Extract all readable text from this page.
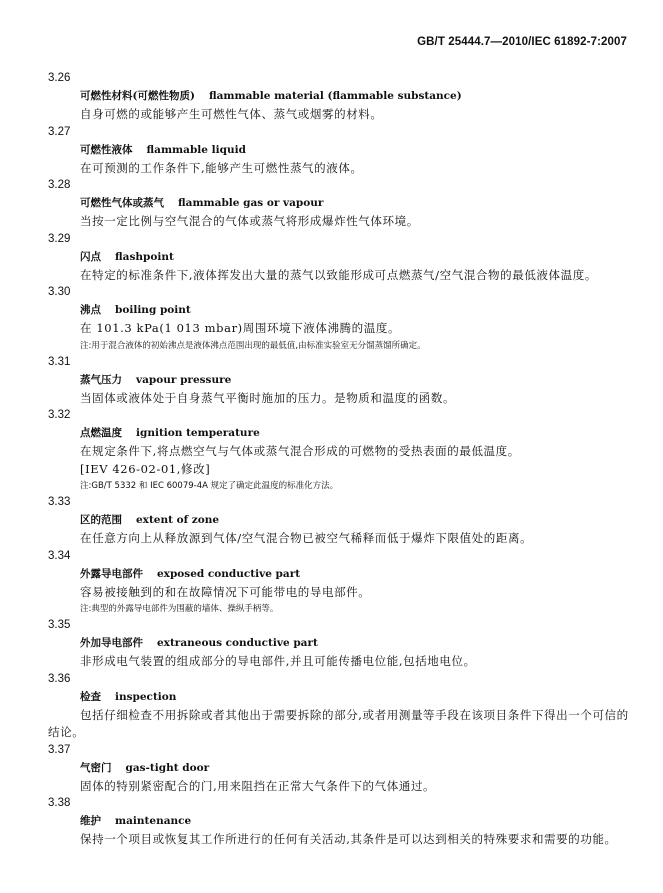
GB/T 25444.7—2010/IEC 61892-7:2007
3.26
可燃性材料(可燃性物质) flammable material (flammable substance)
自身可燃的或能够产生可燃性气体、蒸气或烟雾的材料。
3.27
可燃性液体 flammable liquid
在可预测的工作条件下,能够产生可燃性蒸气的液体。
3.28
可燃性气体或蒸气 flammable gas or vapour
当按一定比例与空气混合的气体或蒸气将形成爆炸性气体环境。
3.29
闪点 flashpoint
在特定的标准条件下,液体挥发出大量的蒸气以致能形成可点燃蒸气/空气混合物的最低液体温度。
3.30
沸点 boiling point
在 101.3 kPa(1 013 mbar)周围环境下液体沸腾的温度。
注:用于混合液体的初始沸点是液体沸点范围出现的最低值,由标准实验室无分馏蒸馏所确定。
3.31
蒸气压力 vapour pressure
当固体或液体处于自身蒸气平衡时施加的压力。是物质和温度的函数。
3.32
点燃温度 ignition temperature
在规定条件下,将点燃空气与气体或蒸气混合形成的可燃物的受热表面的最低温度。
[IEV 426-02-01,修改]
注:GB/T 5332 和 IEC 60079-4A 规定了确定此温度的标准化方法。
3.33
区的范围 extent of zone
在任意方向上从释放源到气体/空气混合物已被空气稀释而低于爆炸下限值处的距离。
3.34
外露导电部件 exposed conductive part
容易被接触到的和在故障情况下可能带电的导电部件。
注:典型的外露导电部件为围蔽的墙体、操纵手柄等。
3.35
外加导电部件 extraneous conductive part
非形成电气装置的组成部分的导电部件,并且可能传播电位能,包括地电位。
3.36
检查 inspection
包括仔细检查不用拆除或者其他出于需要拆除的部分,或者用测量等手段在该项目条件下得出一个可信的结论。
3.37
气密门 gas-tight door
固体的特别紧密配合的门,用来阻挡在正常大气条件下的气体通过。
3.38
维护 maintenance
保持一个项目或恢复其工作所进行的任何有关活动,其条件是可以达到相关的特殊要求和需要的功能。
